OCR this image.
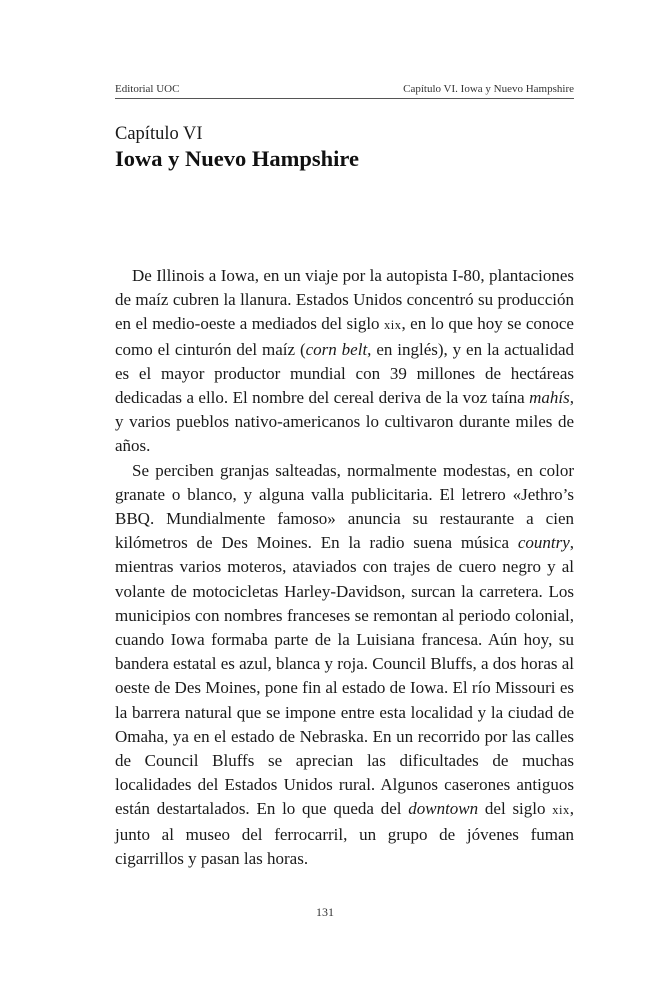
Editorial UOC	Capítulo VI. Iowa y Nuevo Hampshire
Capítulo VI
Iowa y Nuevo Hampshire

De Illinois a Iowa, en un viaje por la autopista I-80, plantaciones de maíz cubren la llanura. Estados Unidos concentró su producción en el medio-oeste a mediados del siglo xix, en lo que hoy se conoce como el cinturón del maíz (corn belt, en inglés), y en la actualidad es el mayor productor mundial con 39 millones de hectáreas dedicadas a ello. El nombre del cereal deriva de la voz taína mahís, y varios pueblos nativo-americanos lo cultivaron durante miles de años.

Se perciben granjas salteadas, normalmente modestas, en color granate o blanco, y alguna valla publicitaria. El letrero «Jethro’s BBQ. Mundialmente famoso» anuncia su restaurante a cien kilómetros de Des Moines. En la radio suena música country, mientras varios moteros, ataviados con trajes de cuero negro y al volante de motocicletas Harley-Davidson, surcan la carretera. Los municipios con nombres franceses se remontan al periodo colonial, cuando Iowa formaba parte de la Luisiana francesa. Aún hoy, su bandera estatal es azul, blanca y roja. Council Bluffs, a dos horas al oeste de Des Moines, pone fin al estado de Iowa. El río Missouri es la barrera natural que se impone entre esta localidad y la ciudad de Omaha, ya en el estado de Nebraska. En un recorrido por las calles de Council Bluffs se aprecian las dificultades de muchas localidades del Estados Unidos rural. Algunos caserones antiguos están destartalados. En lo que queda del downtown del siglo xix, junto al museo del ferrocarril, un grupo de jóvenes fuman cigarrillos y pasan las horas.

131
